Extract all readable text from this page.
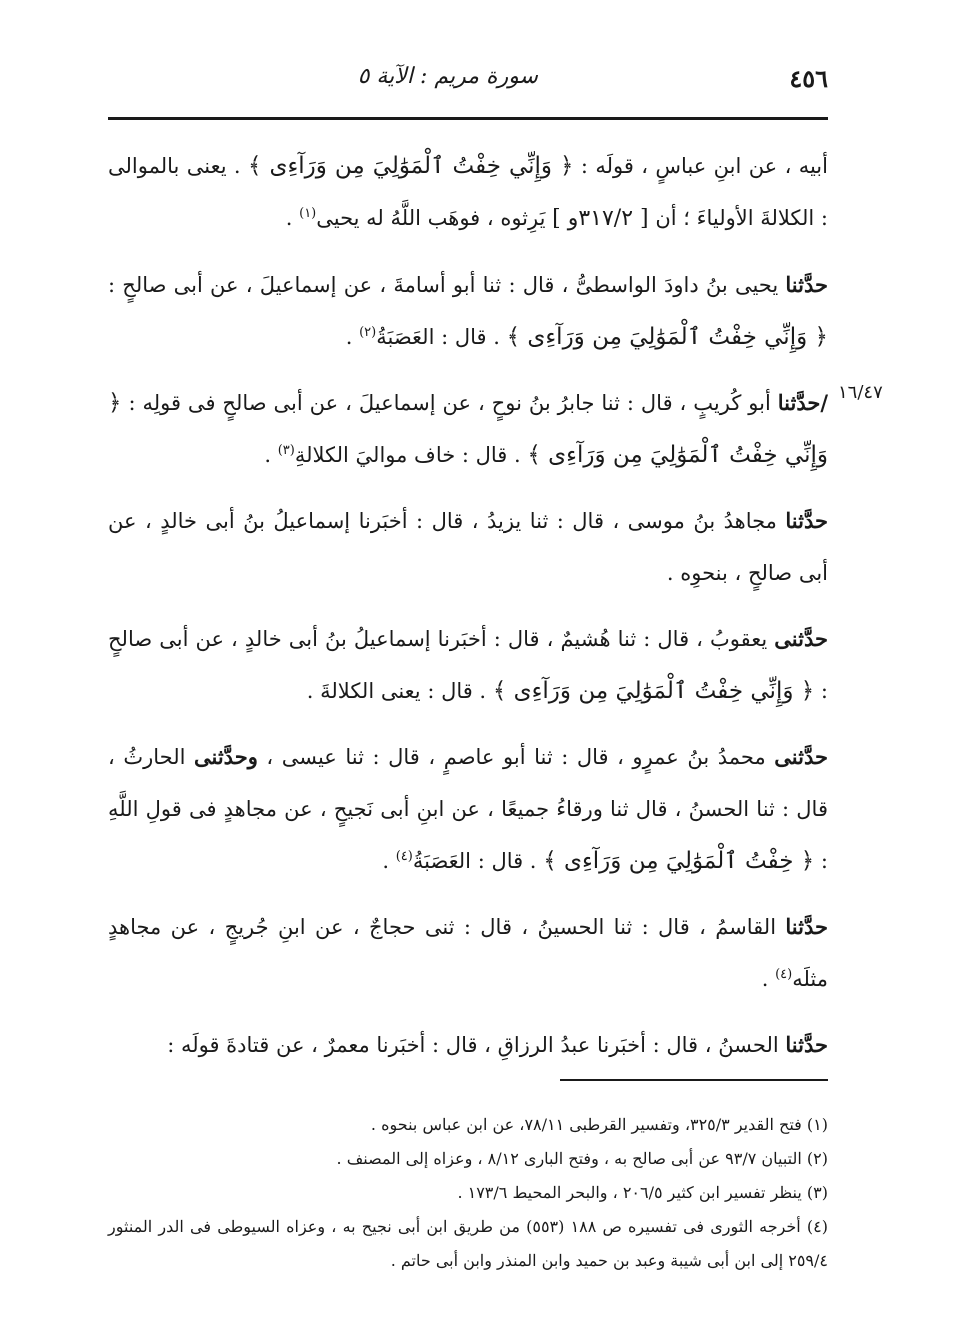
٤٥٦
سورة مريم : الآية ٥
١٦/٤٧

أبيه ، عن ابنِ عباسٍ ، قولَه : ﴿ وَإِنِّي خِفْتُ ٱلْمَوَٰلِيَ مِن وَرَآءِى ﴾ . يعنى بالموالى : الكلالةَ الأولياءَ ؛ أن [ ٣١٧/٢و ] يَرِثوه ، فوهَب اللَّهُ له يحيى$^{(١)}$ .

حدَّثنا يحيى بنُ داودَ الواسطىُّ ، قال : ثنا أبو أسامةَ ، عن إسماعيلَ ، عن أبى صالحٍ : ﴿ وَإِنِّي خِفْتُ ٱلْمَوَٰلِيَ مِن وَرَآءِى ﴾ . قال : العَصَبَةُ$^{(٢)}$ .

/حدَّثنا أبو كُريبٍ ، قال : ثنا جابرُ بنُ نوحٍ ، عن إسماعيلَ ، عن أبى صالحٍ فى قولِه : ﴿ وَإِنِّي خِفْتُ ٱلْمَوَٰلِيَ مِن وَرَآءِى ﴾ . قال : خاف مواليَ الكلالةِ$^{(٣)}$ .

حدَّثنا مجاهدُ بنُ موسى ، قال : ثنا يزيدُ ، قال : أخبَرنا إسماعيلُ بنُ أبى خالدٍ ، عن أبى صالحٍ ، بنحوِه .

حدَّثنى يعقوبُ ، قال : ثنا هُشيمٌ ، قال : أخبَرنا إسماعيلُ بنُ أبى خالدٍ ، عن أبى صالحٍ : ﴿ وَإِنِّي خِفْتُ ٱلْمَوَٰلِيَ مِن وَرَآءِى ﴾ . قال : يعنى الكلالةَ .

حدَّثنى محمدُ بنُ عمرٍو ، قال : ثنا أبو عاصمٍ ، قال : ثنا عيسى ، وحدَّثنى الحارثُ ، قال : ثنا الحسنُ ، قال ثنا ورقاءُ جميعًا ، عن ابنِ أبى نَجيحٍ ، عن مجاهدٍ فى قولِ اللَّهِ : ﴿ خِفْتُ ٱلْمَوَٰلِيَ مِن وَرَآءِى ﴾ . قال : العَصَبَةُ$^{(٤)}$ .

حدَّثنا القاسمُ ، قال : ثنا الحسينُ ، قال : ثنى حجاجٌ ، عن ابنِ جُريجٍ ، عن مجاهدٍ مثلَه$^{(٤)}$ .

حدَّثنا الحسنُ ، قال : أخبَرنا عبدُ الرزاقِ ، قال : أخبَرنا معمرٌ ، عن قتادةَ قولَه :

(١) فتح القدير ٣٢٥/٣، وتفسير القرطبى ٧٨/١١، عن ابن عباس بنحوه .

(٢) التبيان ٩٣/٧ عن أبى صالح به ، وفتح البارى ٨/١٢ ، وعزاه إلى المصنف .

(٣) ينظر تفسير ابن كثير ٢٠٦/٥ ، والبحر المحيط ١٧٣/٦ .

(٤) أخرجه الثورى فى تفسيره ص ١٨٨ (٥٥٣) من طريق ابن أبى نجيح به ، وعزاه السيوطى فى الدر المنثور ٢٥٩/٤ إلى ابن أبى شيبة وعبد بن حميد وابن المنذر وابن أبى حاتم .
